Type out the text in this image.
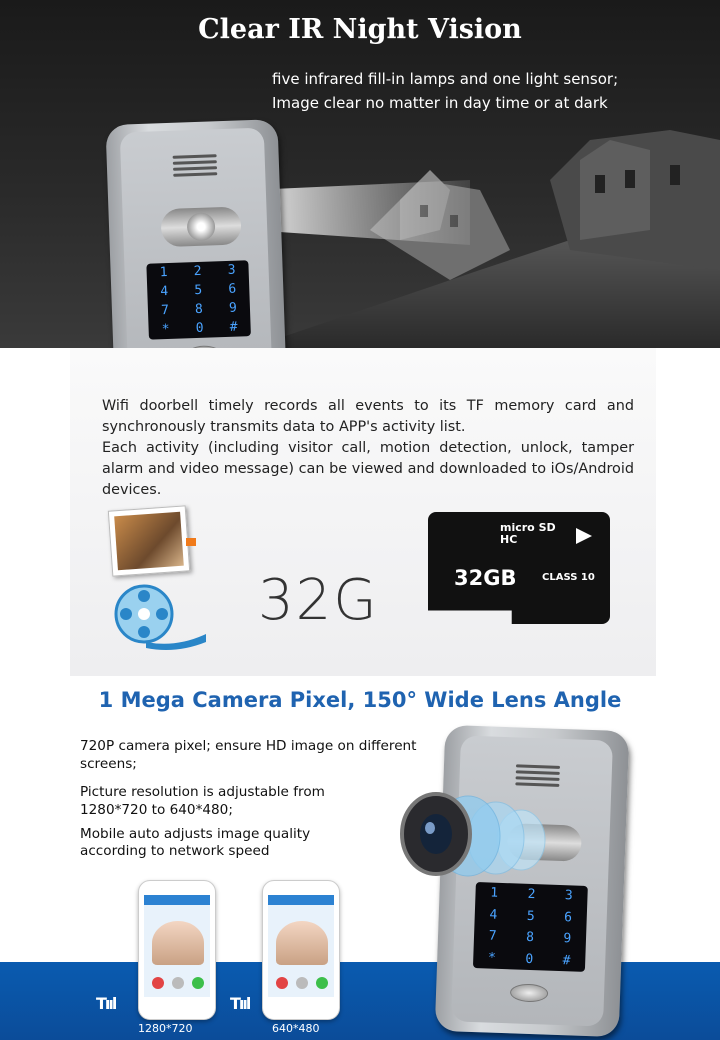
Clear IR Night Vision
five infrared fill-in lamps and one light sensor;
Image clear no matter in day time or at dark
1 2 3
4 5 6
7 8 9
* 0 #
Wifi doorbell timely records all events to its TF memory card and synchronously transmits data to APP's activity list.
Each activity (including visitor call, motion detection, unlock, tamper alarm and video message) can be viewed and downloaded to iOs/Android devices.
32G
micro SD HC
32GB	CLASS 10
1 Mega Camera Pixel, 150° Wide Lens Angle
720P camera pixel; ensure HD image on different
screens;
Picture resolution is adjustable from
1280*720 to 640*480;
Mobile auto adjusts image quality
according to network speed
Tııl	Tııl
1280*720	640*480
1 2 3
4 5 6
7 8 9
* 0 #
